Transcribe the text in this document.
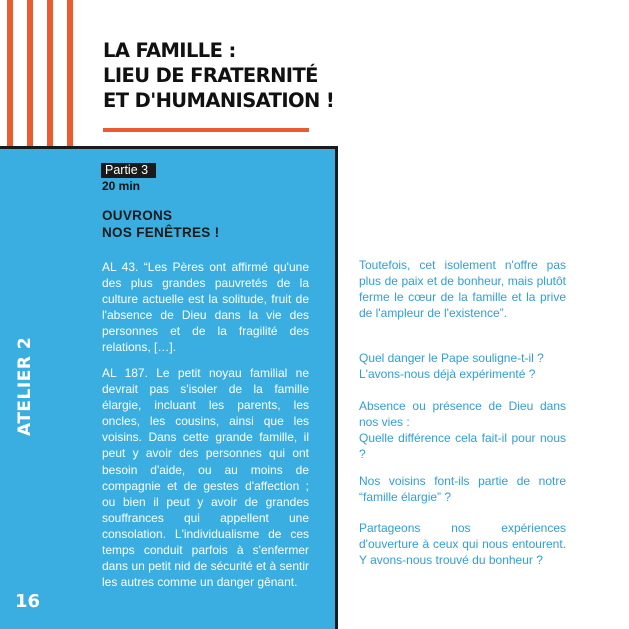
LA FAMILLE :
LIEU DE FRATERNITÉ
ET D'HUMANISATION !
Partie 3
20 min
OUVRONS
NOS FENÊTRES !
AL 43. “Les Pères ont affirmé qu'une des plus grandes pauvretés de la culture actuelle est la solitude, fruit de l'absence de Dieu dans la vie des personnes et de la fragilité des relations, […].
AL 187. Le petit noyau familial ne devrait pas s'isoler de la famille élargie, incluant les parents, les oncles, les cousins, ainsi que les voisins. Dans cette grande famille, il peut y avoir des personnes qui ont besoin d'aide, ou au moins de compagnie et de gestes d'affection ; ou bien il peut y avoir de grandes souffrances qui appellent une consolation. L'individualisme de ces temps conduit parfois à s'enfermer dans un petit nid de sécurité et à sentir les autres comme un danger gênant.
ATELIER 2
16
Toutefois, cet isolement n'offre pas plus de paix et de bonheur, mais plutôt ferme le cœur de la famille et la prive de l'ampleur de l'existence”.
Quel danger le Pape souligne-t-il ?
L'avons-nous déjà expérimenté ?
Absence ou présence de Dieu dans nos vies :
Quelle différence cela fait-il pour nous ?
Nos voisins font-ils partie de notre “famille élargie” ?
Partageons nos expériences d'ouverture à ceux qui nous entourent. Y avons-nous trouvé du bonheur ?
